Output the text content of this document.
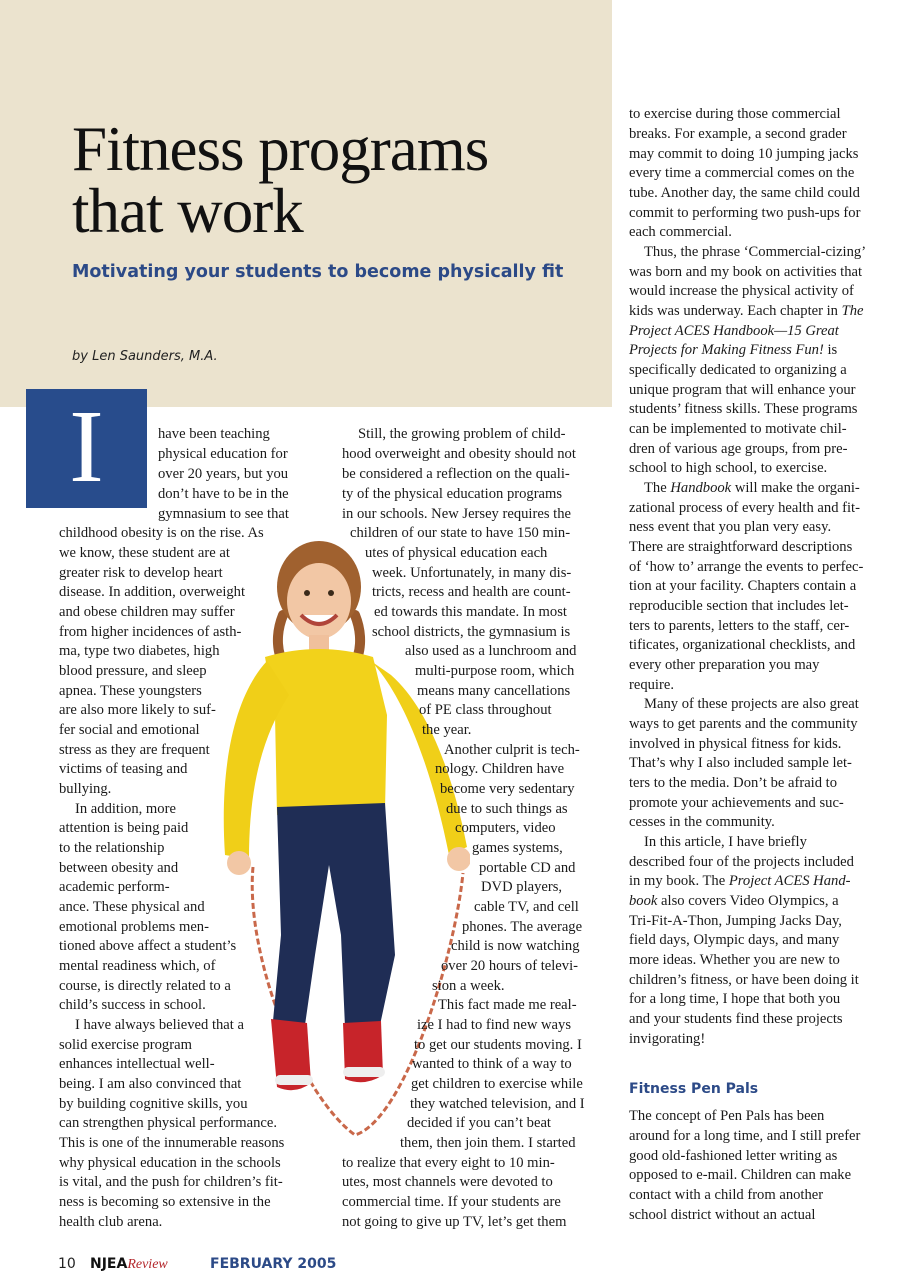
Fitness programs
that work
Motivating your students to become physically fit
by Len Saunders, M.A.
I	have been teaching
physical education for
over 20 years, but you
don’t have to be in the
gymnasium to see that
childhood obesity is on the rise. As
we know, these student are at
greater risk to develop heart
disease. In addition, overweight
and obese children may suffer
from higher incidences of asth-
ma, type two diabetes, high
blood pressure, and sleep
apnea. These youngsters
are also more likely to suf-
fer social and emotional
stress as they are frequent
victims of teasing and
bullying.
In addition, more
attention is being paid
to the relationship
between obesity and
academic perform-
ance. These physical and
emotional problems men-
tioned above affect a student’s
mental readiness which, of
course, is directly related to a
child’s success in school.
I have always believed that a
solid exercise program
enhances intellectual well-
being. I am also convinced that
by building cognitive skills, you
can strengthen physical performance.
This is one of the innumerable reasons
why physical education in the schools
is vital, and the push for children’s fit-
ness is becoming so extensive in the
health club arena.
Still, the growing problem of child-
hood overweight and obesity should not
be considered a reflection on the quali-
ty of the physical education programs
in our schools. New Jersey requires the
children of our state to have 150 min-
utes of physical education each
week. Unfortunately, in many dis-
tricts, recess and health are count-
ed towards this mandate. In most
school districts, the gymnasium is
also used as a lunchroom and
multi-purpose room, which
means many cancellations
of PE class throughout
the year.
Another culprit is tech-
nology. Children have
become very sedentary
due to such things as
computers, video
games systems,
portable CD and
DVD players,
cable TV, and cell
phones. The average
child is now watching
over 20 hours of televi-
sion a week.
This fact made me real-
ize I had to find new ways
to get our students moving. I
wanted to think of a way to
get children to exercise while
they watched television, and I
decided if you can’t beat
them, then join them. I started
to realize that every eight to 10 min-
utes, most channels were devoted to
commercial time. If your students are
not going to give up TV, let’s get them
to exercise during those commercial
breaks. For example, a second grader
may commit to doing 10 jumping jacks
every time a commercial comes on the
tube. Another day, the same child could
commit to performing two push-ups for
each commercial.
Thus, the phrase ‘Commercial-cizing’
was born and my book on activities that
would increase the physical activity of
kids was underway. Each chapter in The
Project ACES Handbook—15 Great
Projects for Making Fitness Fun! is
specifically dedicated to organizing a
unique program that will enhance your
students’ fitness skills. These programs
can be implemented to motivate chil-
dren of various age groups, from pre-
school to high school, to exercise.
The Handbook will make the organi-
zational process of every health and fit-
ness event that you plan very easy.
There are straightforward descriptions
of ‘how to’ arrange the events to perfec-
tion at your facility. Chapters contain a
reproducible section that includes let-
ters to parents, letters to the staff, cer-
tificates, organizational checklists, and
every other preparation you may
require.
Many of these projects are also great
ways to get parents and the community
involved in physical fitness for kids.
That’s why I also included sample let-
ters to the media. Don’t be afraid to
promote your achievements and suc-
cesses in the community.
In this article, I have briefly
described four of the projects included
in my book. The Project ACES Hand-
book also covers Video Olympics, a
Tri-Fit-A-Thon, Jumping Jacks Day,
field days, Olympic days, and many
more ideas. Whether you are new to
children’s fitness, or have been doing it
for a long time, I hope that both you
and your students find these projects
invigorating!
Fitness Pen Pals
The concept of Pen Pals has been
around for a long time, and I still prefer
good old-fashioned letter writing as
opposed to e-mail. Children can make
contact with a child from another
school district without an actual
10 NJEAReview	FEBRUARY 2005
